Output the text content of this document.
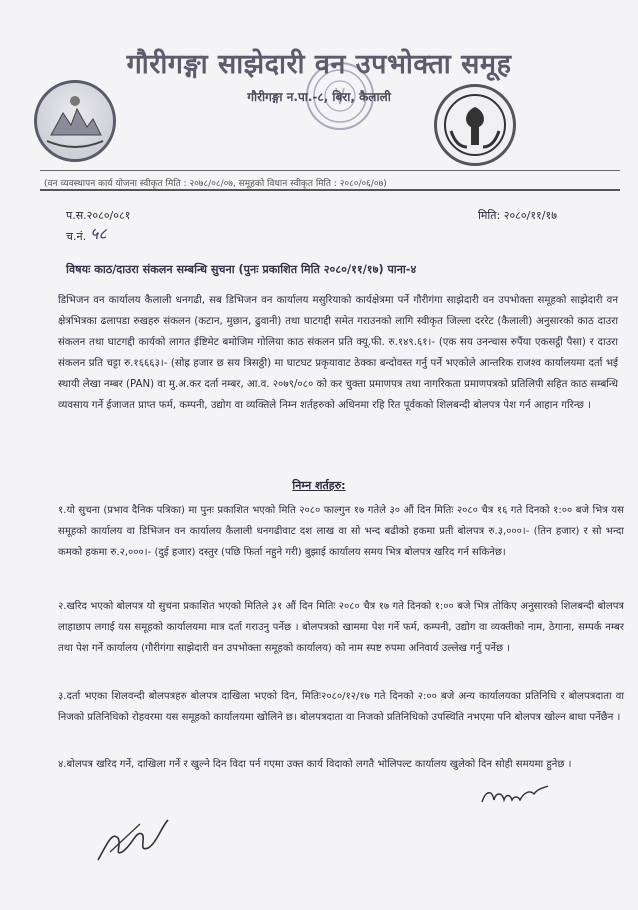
गौरीगङ्गा साझेदारी वन उपभोक्ता समूह
गौरीगङ्गा न.पा.-८, बिरा, कैलाली
(वन व्यवस्थापन कार्य योजना स्वीकृत मिति : २०७८/०८/०७, समूहको विधान स्वीकृत मिति : २०८०/०६/०७)
प.स.२०८०/०८१	मिति: २०८०/११/१७
च.नं. ५८
विषयः काठ/दाउरा संकलन सम्बन्धि सुचना (पुनः प्रकाशित मिति २०८०/११/१७) पाना-४
डिभिजन वन कार्यालय कैलाली धनगढी, सब डिभिजन वन कार्यालय मसुरियाको कार्यक्षेत्रमा पर्ने गौरीगंगा साझेदारी वन उपभोक्ता समूहको साझेदारी वन क्षेत्रभित्रका ढलापडा रुखहरु संकलन (कटान, मुछान, ढुवानी) तथा घाटगद्दी समेत गराउनको लागि स्वीकृत जिल्ला दररेट (कैलाली) अनुसारको काठ दाउरा संकलन तथा घाटगद्दी कार्यको लागत ईष्टिमेट बमोजिम गोलिया काठ संकलन प्रति क्यू.फी. रु.१४९.६१।- (एक सय उनन्चास रुपैंया एकसट्ठी पैसा) र दाउरा संकलन प्रति चट्टा रु.१६६६३।- (सोह्र हजार छ सय त्रिसठ्ठी) मा घाटघट प्रकृयावाट ठेक्का बन्दोवस्त गर्नु पर्ने भएकोले आन्तरिक राजश्व कार्यालयमा दर्ता भई स्थायी लेखा नम्बर (PAN) वा मु.अ.कर दर्ता नम्बर, आ.व. २०७९/०८० को कर चुक्ता प्रमाणपत्र तथा नागरिकता प्रमाणपत्रको प्रतिलिपी सहित काठ सम्बन्धि व्यवसाय गर्ने ईजाजत प्राप्त फर्म, कम्पनी, उद्योग वा व्यक्तिले निम्न शर्तहरुको अधिनमा रहि रित पूर्वकको शिलबन्दी बोलपत्र पेश गर्न आहान गरिन्छ ।
निम्न शर्तहरु:
१.यो सुचना (प्रभाव दैनिक पत्रिका) मा पुनः प्रकाशित भएको मिति २०८० फाल्गुन १७ गतेले ३० औं दिन मितिः २०८० चैत्र १६ गते दिनको १:०० बजे भित्र यस समूहको कार्यालय वा डिभिजन वन कार्यालय कैलाली धनगढीवाट दश लाख वा सो भन्द बढीको हकमा प्रती बोलपत्र रु.३,०००।- (तिन हजार) र सो भन्दा कमको हकमा रु.२,०००।- (दुई हजार) दस्तुर (पछि फिर्ता नहुने गरी) बुझाई कार्यालय समय भित्र बोलपत्र खरिद गर्न सकिनेछ।
२.खरिद भएको बोलपत्र यो सुचना प्रकाशित भएको मितिले ३१ औं दिन मितिः २०८० चैत्र १७ गते दिनको १:०० बजे भित्र तोकिए अनुसारको शिलबन्दी बोलपत्र लाहाछाप लगाई यस समूहको कार्यालयमा मात्र दर्ता गराउनु पर्नेछ । बोलपत्रको खाममा पेश गर्ने फर्म, कम्पनी, उद्योग वा व्यक्तीको नाम, ठेगाना, सम्पर्क नम्बर तथा पेश गर्ने कार्यालय (गौरीगंगा साझेदारी वन उपभोक्ता समूहको कार्यालय) को नाम स्पष्ट रुपमा अनिवार्य उल्लेख गर्नु पर्नेछ ।
३.दर्ता भएका शिलवन्दी बोलपत्रहरु बोलपत्र दाखिला भएको दिन, मितिः२०८०/१२/१७ गते दिनको २:०० बजे अन्य कार्यालयका प्रतिनिधि र बोलपत्रदाता वा निजको प्रतिनिधिको रोहवरमा यस समूहको कार्यालयमा खोलिने छ। बोलपत्रदाता वा निजको प्रतिनिधिको उपस्थिति नभएमा पनि बोलपत्र खोल्न बाधा पर्नेछैन ।
४.बोलपत्र खरिद गर्ने, दाखिला गर्ने र खुल्ने दिन विदा पर्न गएमा उक्त कार्य विदाको लगतै भोलिपल्ट कार्यालय खुलेको दिन सोही समयमा हुनेछ ।
